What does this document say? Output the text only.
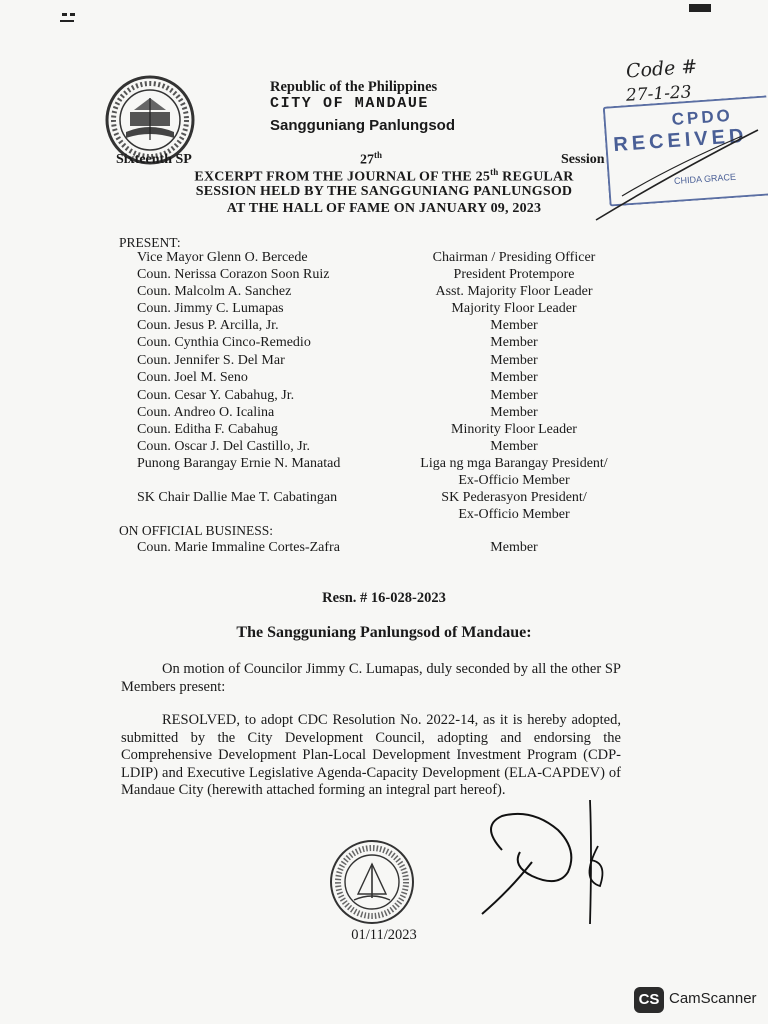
Republic of the Philippines
CITY OF MANDAUE
Sangguniang Panlungsod
Code #
27-1-23
CPDO
RECEIVED
CHIDA GRACE
Sixteenth SP	27th	Session
EXCERPT FROM THE JOURNAL OF THE 25th REGULAR
SESSION HELD BY THE SANGGUNIANG PANLUNGSOD
AT THE HALL OF FAME ON JANUARY 09, 2023
PRESENT:
Vice Mayor Glenn O. Bercede	Chairman / Presiding Officer
Coun. Nerissa Corazon Soon Ruiz	President Protempore
Coun. Malcolm A. Sanchez	Asst. Majority Floor Leader
Coun. Jimmy C. Lumapas	Majority Floor Leader
Coun. Jesus P. Arcilla, Jr.	Member
Coun. Cynthia Cinco-Remedio	Member
Coun. Jennifer S. Del Mar	Member
Coun. Joel M. Seno	Member
Coun. Cesar Y. Cabahug, Jr.	Member
Coun. Andreo O. Icalina	Member
Coun. Editha F. Cabahug	Minority Floor Leader
Coun. Oscar J. Del Castillo, Jr.	Member
Punong Barangay Ernie N. Manatad	Liga ng mga Barangay President/
Ex-Officio Member
SK Chair Dallie Mae T. Cabatingan	SK Pederasyon President/
Ex-Officio Member
ON OFFICIAL BUSINESS:
Coun. Marie Immaline Cortes-Zafra	Member
Resn. # 16-028-2023
The Sangguniang Panlungsod of Mandaue:
On motion of Councilor Jimmy C. Lumapas, duly seconded by all the other SP Members present:
RESOLVED, to adopt CDC Resolution No. 2022-14, as it is hereby adopted, submitted by the City Development Council, adopting and endorsing the Comprehensive Development Plan-Local Development Investment Program (CDP-LDIP) and Executive Legislative Agenda-Capacity Development (ELA-CAPDEV) of Mandaue City (herewith attached forming an integral part hereof).
01/11/2023
CS CamScanner
